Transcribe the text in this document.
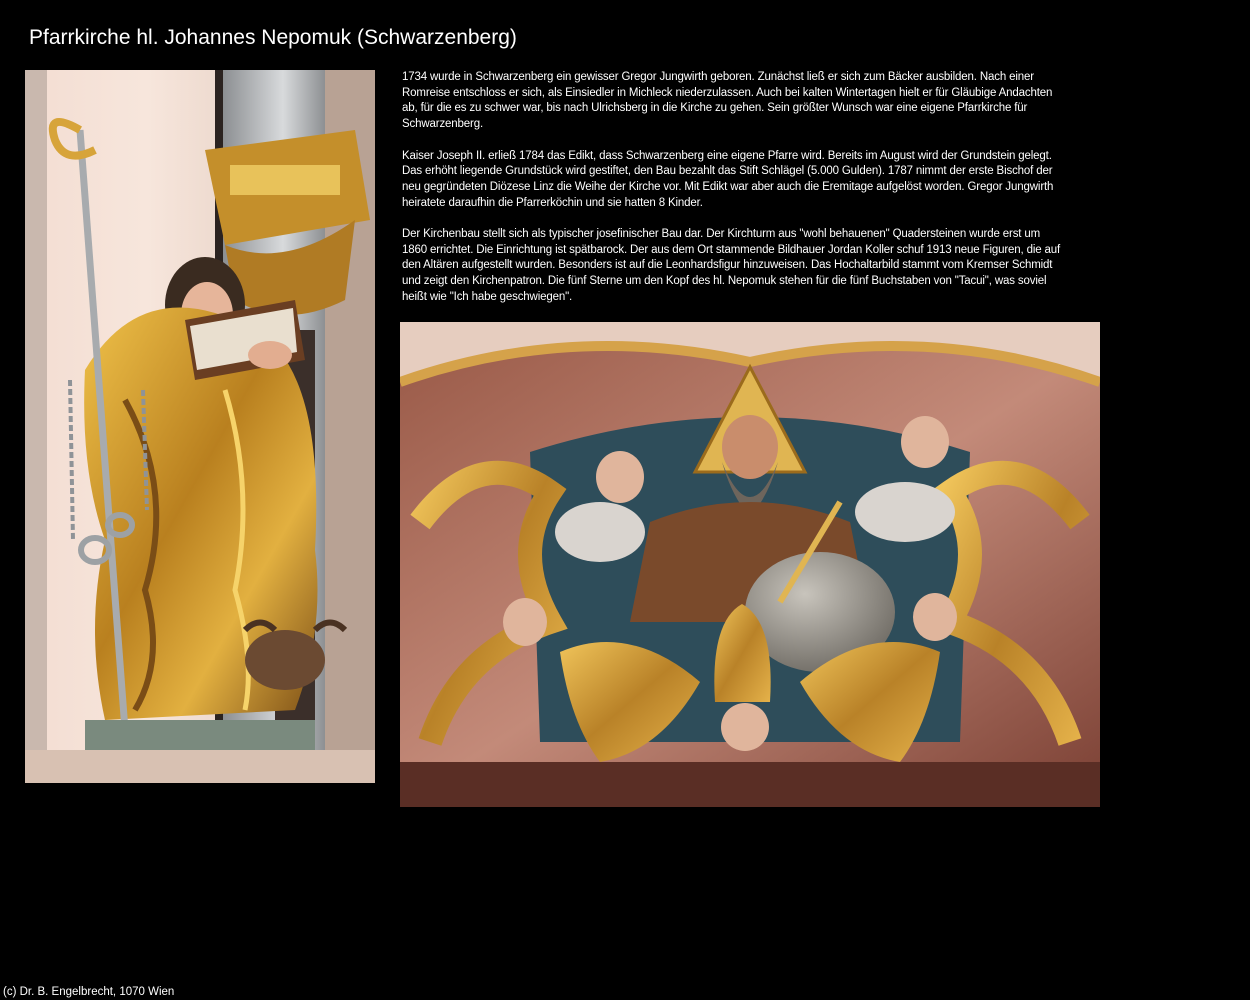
Pfarrkirche hl. Johannes Nepomuk (Schwarzenberg)

1734 wurde in Schwarzenberg ein gewisser Gregor Jungwirth geboren. Zunächst ließ er sich zum Bäcker ausbilden. Nach einer Romreise entschloss er sich, als Einsiedler in Michleck niederzulassen. Auch bei kalten Wintertagen hielt er für Gläubige Andachten ab, für die es zu schwer war, bis nach Ulrichsberg in die Kirche zu gehen. Sein größter Wunsch war eine eigene Pfarrkirche für Schwarzenberg.

Kaiser Joseph II. erließ 1784 das Edikt, dass Schwarzenberg eine eigene Pfarre wird. Bereits im August wird der Grundstein gelegt. Das erhöht liegende Grundstück wird gestiftet, den Bau bezahlt das Stift Schlägel (5.000 Gulden). 1787 nimmt der erste Bischof der neu gegründeten Diözese Linz die Weihe der Kirche vor. Mit Edikt war aber auch die Eremitage aufgelöst worden. Gregor Jungwirth heiratete daraufhin die Pfarrerköchin und sie hatten 8 Kinder.

Der Kirchenbau stellt sich als typischer josefinischer Bau dar. Der Kirchturm aus "wohl behauenen" Quadersteinen wurde erst um 1860 errichtet. Die Einrichtung ist spätbarock. Der aus dem Ort stammende Bildhauer Jordan Koller schuf 1913 neue Figuren, die auf den Altären aufgestellt wurden. Besonders ist auf die Leonhardsfigur hinzuweisen. Das Hochaltarbild stammt vom Kremser Schmidt und zeigt den Kirchenpatron. Die fünf Sterne um den Kopf des hl. Nepomuk stehen für die fünf Buchstaben von "Tacui", was soviel heißt wie "Ich habe geschwiegen".

(c) Dr. B. Engelbrecht, 1070 Wien
